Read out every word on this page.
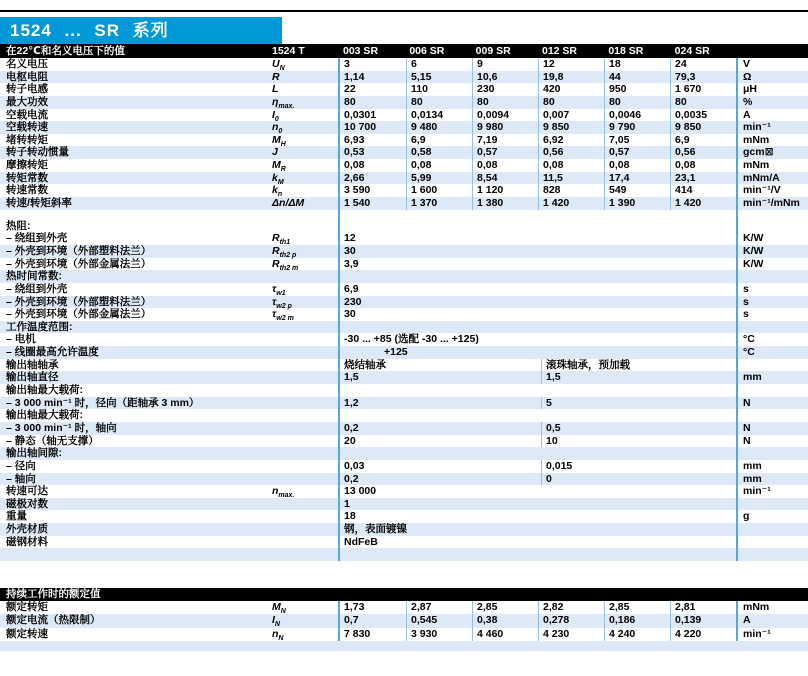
1524 ... SR 系列
在22℃和名义电压下的值	1524 T	003 SR	006 SR	009 SR	012 SR	018 SR	024 SR
名义电压	$U_N$	3	6	9	12	18	24	V
电枢电阻	R	1,14	5,15	10,6	19,8	44	79,3	Ω
转子电感	L	22	110	230	420	950	1 670	μH
最大功效	$\eta_{max.}$	80	80	80	80	80	80	%
空载电流	$I_0$	0,0301	0,0134	0,0094	0,007	0,0046	0,0035	A
空载转速	$n_0$	10 700	9 480	9 980	9 850	9 790	9 850	min⁻¹
堵转转矩	$M_H$	6,93	6,9	7,19	6,92	7,05	6,9	mNm
转子转动惯量	J	0,53	0,58	0,57	0,56	0,57	0,56	gcm⊠
摩擦转矩	$M_R$	0,08	0,08	0,08	0,08	0,08	0,08	mNm
转矩常数	$k_M$	2,66	5,99	8,54	11,5	17,4	23,1	mNm/A
转速常数	$k_n$	3 590	1 600	1 120	828	549	414	min⁻¹/V
转速/转矩斜率	Δn/ΔM	1 540	1 370	1 380	1 420	1 390	1 420	min⁻¹/mNm
热阻:
– 绕组到外壳	$R_{th1}$	12	K/W
– 外壳到环境（外部塑料法兰）	$R_{th2 p}$	30	K/W
– 外壳到环境（外部金属法兰）	$R_{th2 m}$	3,9	K/W
热时间常数:
– 绕组到外壳	$\tau_{w1}$	6,9	s
– 外壳到环境（外部塑料法兰）	$\tau_{w2 p}$	230	s
– 外壳到环境（外部金属法兰）	$\tau_{w2 m}$	30	s
工作温度范围:
– 电机	-30 ... +85 (选配 -30 ... +125)	°C
– 线圈最高允许温度	+125	°C
输出轴轴承	烧结轴承	滚珠轴承，预加载
输出轴直径	1,5	1,5	mm
输出轴最大载荷:
– 3 000 min⁻¹ 时，径向（距轴承 3 mm）	1,2	5	N
输出轴最大载荷:
– 3 000 min⁻¹ 时，轴向	0,2	0,5	N
– 静态（轴无支撑）	20	10	N
输出轴间隙:
– 径向	0,03	0,015	mm
– 轴向	0,2	0	mm
转速可达	$n_{max.}$	13 000	min⁻¹
磁极对数	1
重量	18	g
外壳材质	钢，表面镀镍
磁钢材料	NdFeB
持续工作时的额定值
额定转矩	$M_N$	1,73	2,87	2,85	2,82	2,85	2,81	mNm
额定电流（热限制）	$I_N$	0,7	0,545	0,38	0,278	0,186	0,139	A
额定转速	$n_N$	7 830	3 930	4 460	4 230	4 240	4 220	min⁻¹
